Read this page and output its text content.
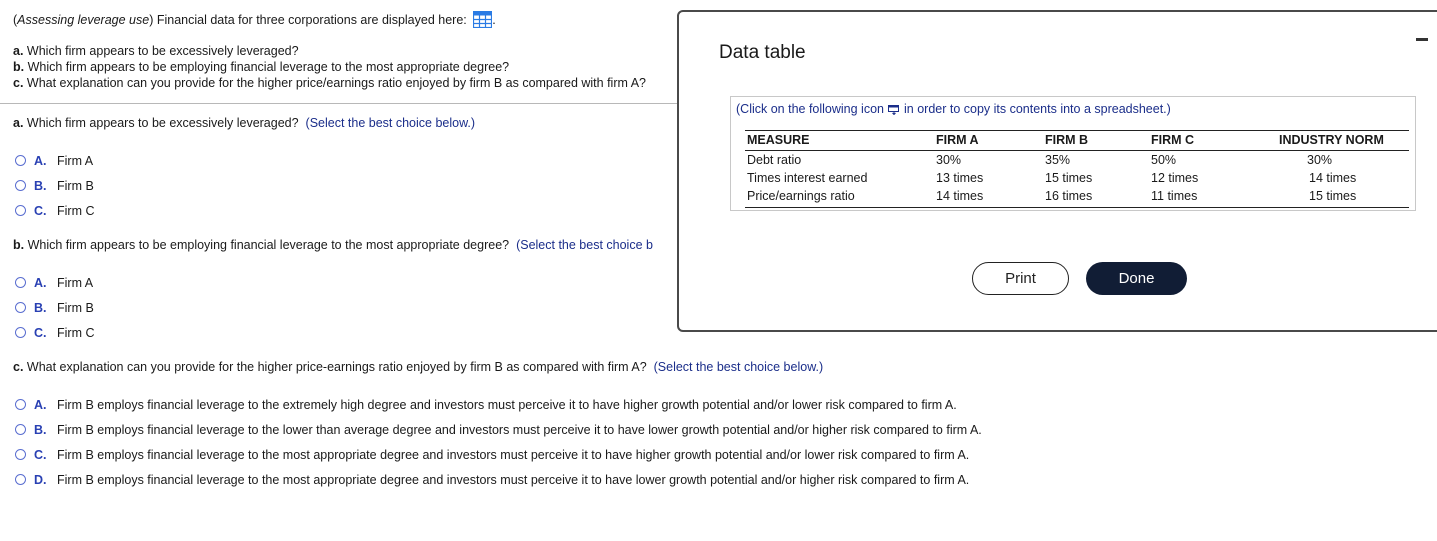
(Assessing leverage use) Financial data for three corporations are displayed here: .
a. Which firm appears to be excessively leveraged?
b. Which firm appears to be employing financial leverage to the most appropriate degree?
c. What explanation can you provide for the higher price/earnings ratio enjoyed by firm B as compared with firm A?
a. Which firm appears to be excessively leveraged? (Select the best choice below.)
A. Firm A
B. Firm B
C. Firm C
b. Which firm appears to be employing financial leverage to the most appropriate degree? (Select the best choice b
A. Firm A
B. Firm B
C. Firm C
c. What explanation can you provide for the higher price-earnings ratio enjoyed by firm B as compared with firm A? (Select the best choice below.)
A. Firm B employs financial leverage to the extremely high degree and investors must perceive it to have higher growth potential and/or lower risk compared to firm A.
B. Firm B employs financial leverage to the lower than average degree and investors must perceive it to have lower growth potential and/or higher risk compared to firm A.
C. Firm B employs financial leverage to the most appropriate degree and investors must perceive it to have higher growth potential and/or lower risk compared to firm A.
D. Firm B employs financial leverage to the most appropriate degree and investors must perceive it to have lower growth potential and/or higher risk compared to firm A.
Data table
(Click on the following icon in order to copy its contents into a spreadsheet.)
MEASURE	FIRM A	FIRM B	FIRM C	INDUSTRY NORM
Debt ratio	30%	35%	50%	30%
Times interest earned	13 times	15 times	12 times	14 times
Price/earnings ratio	14 times	16 times	11 times	15 times
Print	Done
